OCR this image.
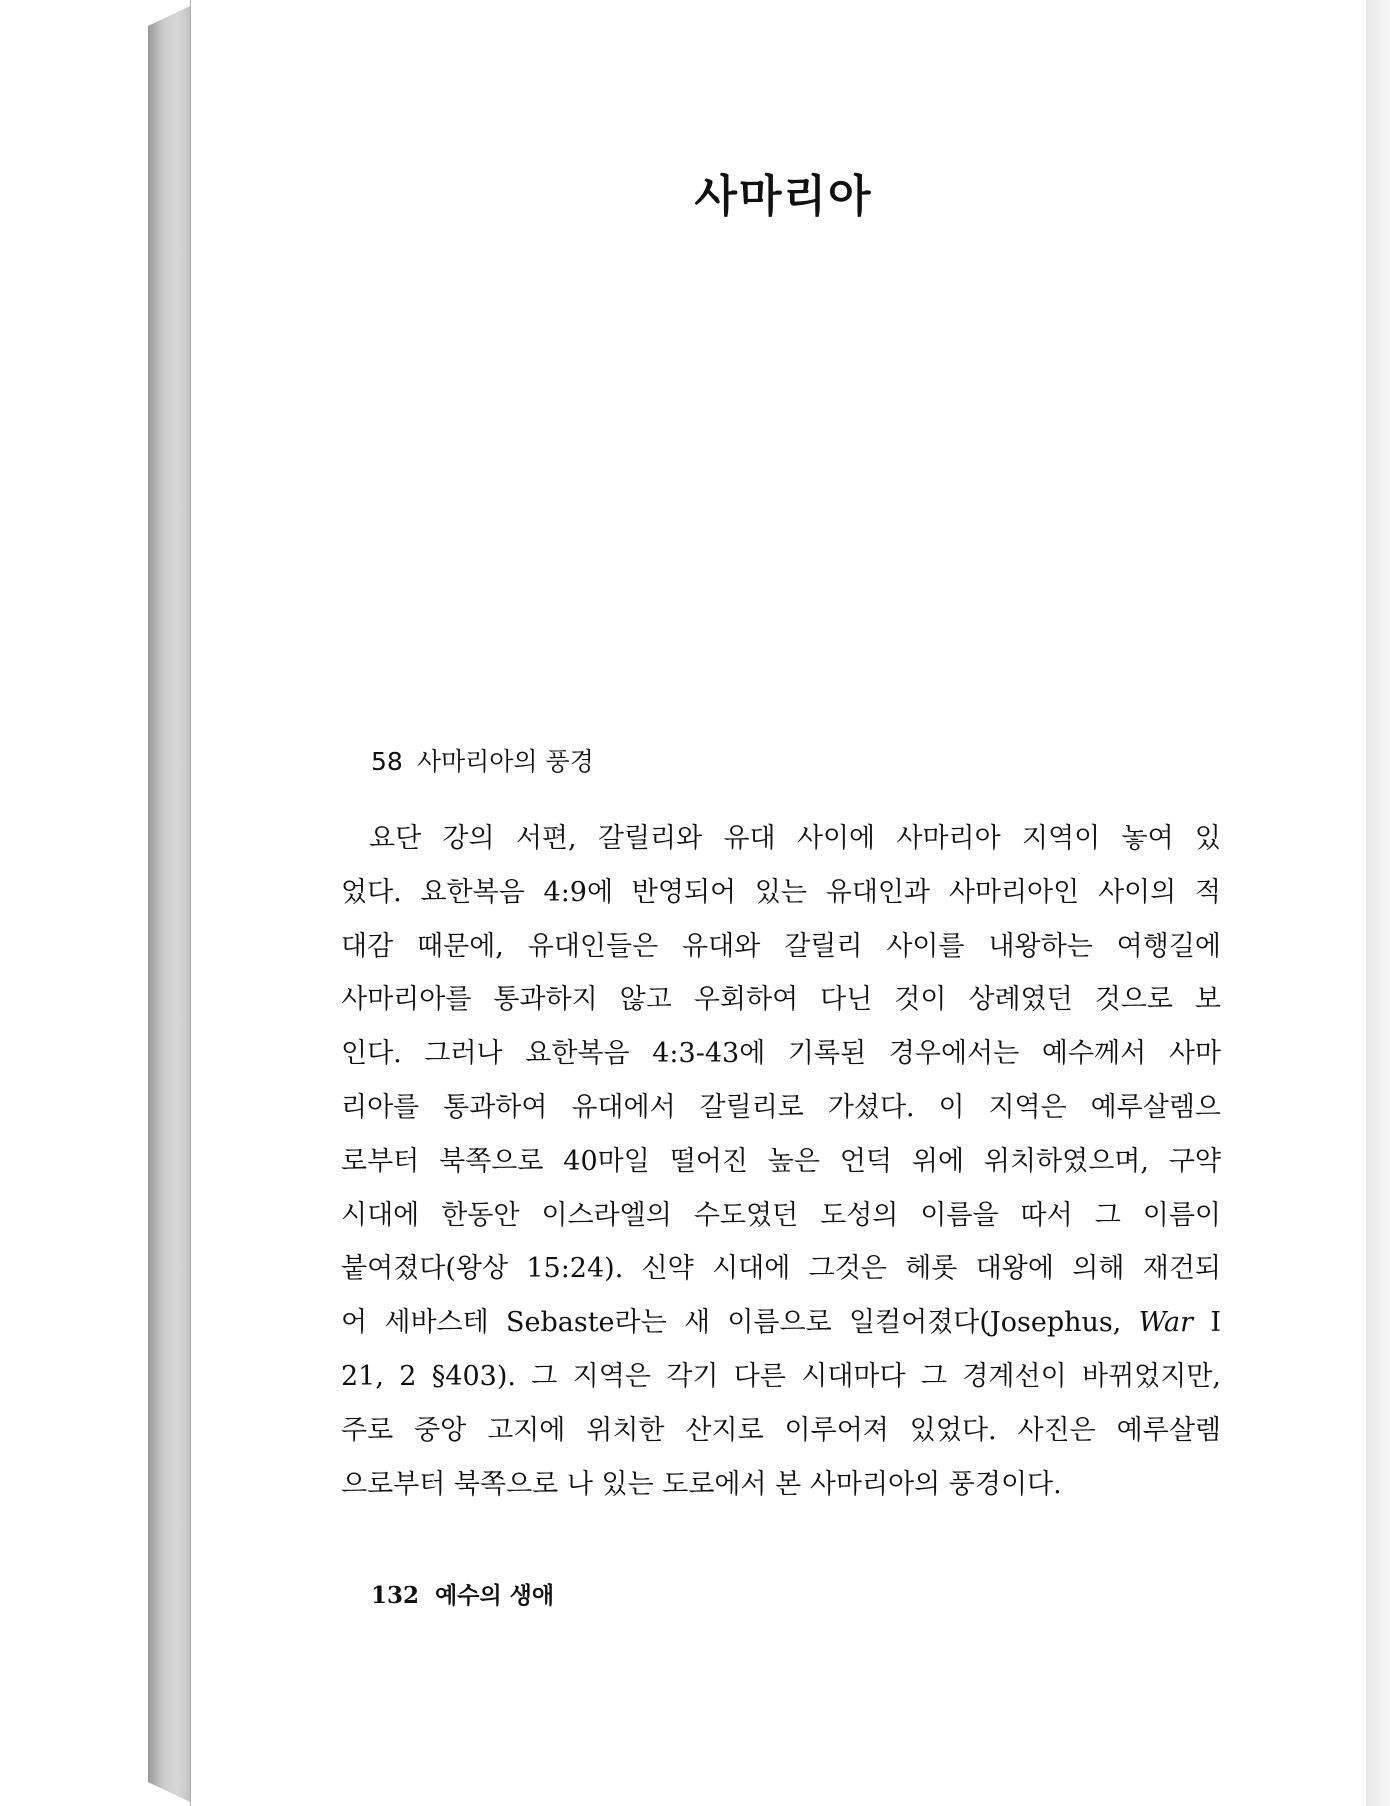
사마리아
58 사마리아의 풍경
요단 강의 서편, 갈릴리와 유대 사이에 사마리아 지역이 놓여 있
었다. 요한복음 4:9에 반영되어 있는 유대인과 사마리아인 사이의 적
대감 때문에, 유대인들은 유대와 갈릴리 사이를 내왕하는 여행길에
사마리아를 통과하지 않고 우회하여 다닌 것이 상례였던 것으로 보
인다. 그러나 요한복음 4:3-43에 기록된 경우에서는 예수께서 사마
리아를 통과하여 유대에서 갈릴리로 가셨다. 이 지역은 예루살렘으
로부터 북쪽으로 40마일 떨어진 높은 언덕 위에 위치하였으며, 구약
시대에 한동안 이스라엘의 수도였던 도성의 이름을 따서 그 이름이
붙여졌다(왕상 15:24). 신약 시대에 그것은 헤롯 대왕에 의해 재건되
어 세바스테 Sebaste라는 새 이름으로 일컬어졌다(Josephus, War I
21, 2 §403). 그 지역은 각기 다른 시대마다 그 경계선이 바뀌었지만,
주로 중앙 고지에 위치한 산지로 이루어져 있었다. 사진은 예루살렘
으로부터 북쪽으로 나 있는 도로에서 본 사마리아의 풍경이다.
132 예수의 생애
